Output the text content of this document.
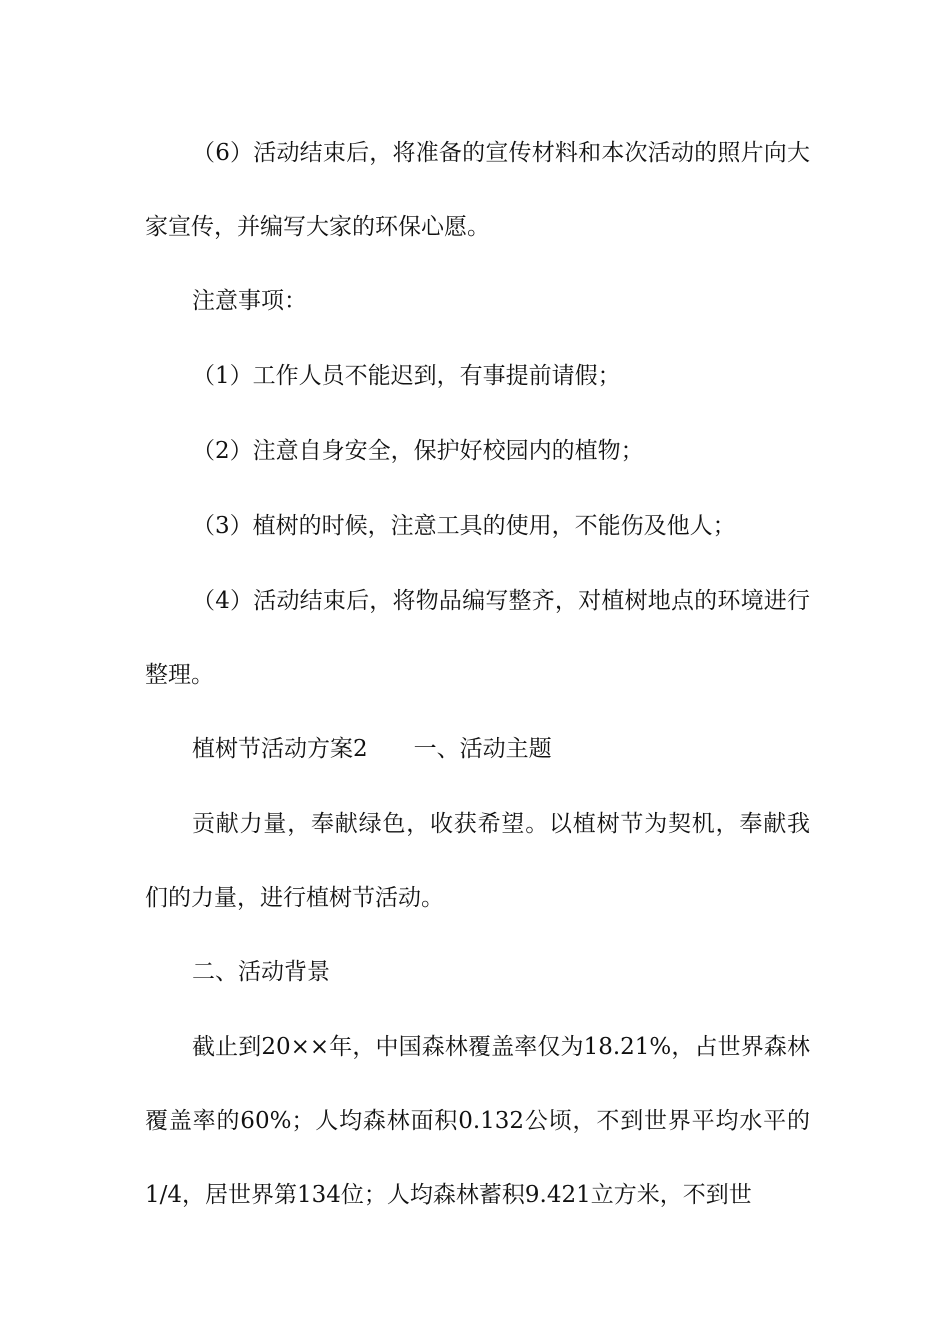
（6）活动结束后，将准备的宣传材料和本次活动的照片向大家宣传，并编写大家的环保心愿。

注意事项：

（1）工作人员不能迟到，有事提前请假；

（2）注意自身安全，保护好校园内的植物；

（3）植树的时候，注意工具的使用，不能伤及他人；

（4）活动结束后，将物品编写整齐，对植树地点的环境进行整理。

植树节活动方案2 一、活动主题

贡献力量，奉献绿色，收获希望。以植树节为契机，奉献我们的力量，进行植树节活动。

二、活动背景

截止到20××年，中国森林覆盖率仅为18.21%，占世界森林覆盖率的60%；人均森林面积0.132公顷，不到世界平均水平的1/4，居世界第134位；人均森林蓄积9.421立方米，不到世
